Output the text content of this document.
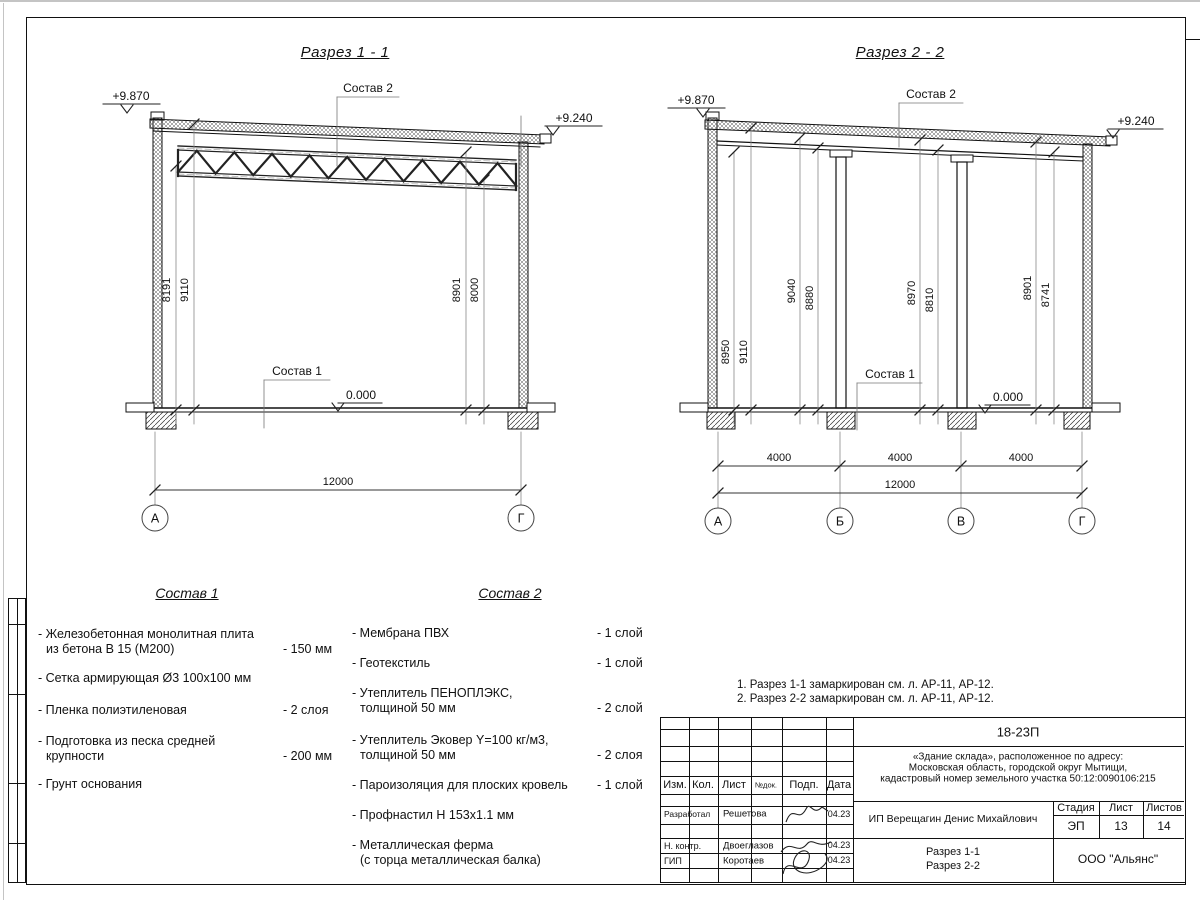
8191 9110	8901 8000
Состав 2
+9.870
+9.240
Состав 1
0.000
12000
А	Г
8950 9110
9040 8880	8970 8810	8901 8741
Состав 2
+9.870
+9.240
Состав 1
0.000
4000	4000	4000
12000
А	Б	В	Г
Разрез 1 - 1	Разрез 2 - 2
Состав 1
- Железобетонная монолитная плита
из бетона В 15 (М200)	- 150 мм
- Сетка армирующая Ø3 100х100 мм
- Пленка полиэтиленовая	- 2 слоя
- Подготовка из песка средней
крупности	- 200 мм
- Грунт основания
Состав 2
- Мембрана ПВХ	- 1 слой
- Геотекстиль	- 1 слой
- Утеплитель ПЕНОПЛЭКС,
толщиной 50 мм	- 2 слой
- Утеплитель Эковер Y=100 кг/м3,
толщиной 50 мм	- 2 слоя
- Пароизоляция для плоских кровель - 1 слой
- Профнастил Н 153х1.1 мм
- Металлическая ферма
(с торца металлическая балка)
1. Разрез 1-1 замаркирован см. л. АР-11, АР-12.
2. Разрез 2-2 замаркирован см. л. АР-11, АР-12.
Изм. Кол. Лист №док. Подп. Дата
Разработал Решетова	04.23
Н. контр. Двоеглазов	04.23
ГИП	Коротаев	04.23
18-23П
«Здание склада», расположенное по адресу:
Московская область, городской округ Мытищи,
кадастровый номер земельного участка 50:12:0090106:215
ИП Верещагин Денис Михайлович
Стадия Лист Листов
ЭП 13 14
Разрез 1-1
Разрез 2-2	ООО "Альянс"
